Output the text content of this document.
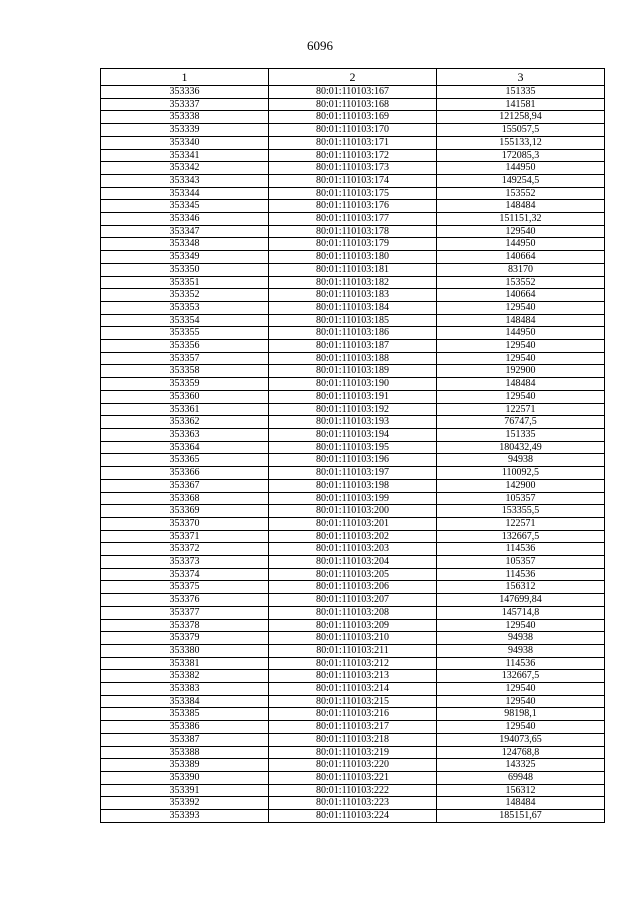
6096
1	2	3
353336	80:01:110103:167	151335
353337	80:01:110103:168	141581
353338	80:01:110103:169	121258,94
353339	80:01:110103:170	155057,5
353340	80:01:110103:171	155133,12
353341	80:01:110103:172	172085,3
353342	80:01:110103:173	144950
353343	80:01:110103:174	149254,5
353344	80:01:110103:175	153552
353345	80:01:110103:176	148484
353346	80:01:110103:177	151151,32
353347	80:01:110103:178	129540
353348	80:01:110103:179	144950
353349	80:01:110103:180	140664
353350	80:01:110103:181	83170
353351	80:01:110103:182	153552
353352	80:01:110103:183	140664
353353	80:01:110103:184	129540
353354	80:01:110103:185	148484
353355	80:01:110103:186	144950
353356	80:01:110103:187	129540
353357	80:01:110103:188	129540
353358	80:01:110103:189	192900
353359	80:01:110103:190	148484
353360	80:01:110103:191	129540
353361	80:01:110103:192	122571
353362	80:01:110103:193	76747,5
353363	80:01:110103:194	151335
353364	80:01:110103:195	180432,49
353365	80:01:110103:196	94938
353366	80:01:110103:197	110092,5
353367	80:01:110103:198	142900
353368	80:01:110103:199	105357
353369	80:01:110103:200	153355,5
353370	80:01:110103:201	122571
353371	80:01:110103:202	132667,5
353372	80:01:110103:203	114536
353373	80:01:110103:204	105357
353374	80:01:110103:205	114536
353375	80:01:110103:206	156312
353376	80:01:110103:207	147699,84
353377	80:01:110103:208	145714,8
353378	80:01:110103:209	129540
353379	80:01:110103:210	94938
353380	80:01:110103:211	94938
353381	80:01:110103:212	114536
353382	80:01:110103:213	132667,5
353383	80:01:110103:214	129540
353384	80:01:110103:215	129540
353385	80:01:110103:216	98198,1
353386	80:01:110103:217	129540
353387	80:01:110103:218	194073,65
353388	80:01:110103:219	124768,8
353389	80:01:110103:220	143325
353390	80:01:110103:221	69948
353391	80:01:110103:222	156312
353392	80:01:110103:223	148484
353393	80:01:110103:224	185151,67
